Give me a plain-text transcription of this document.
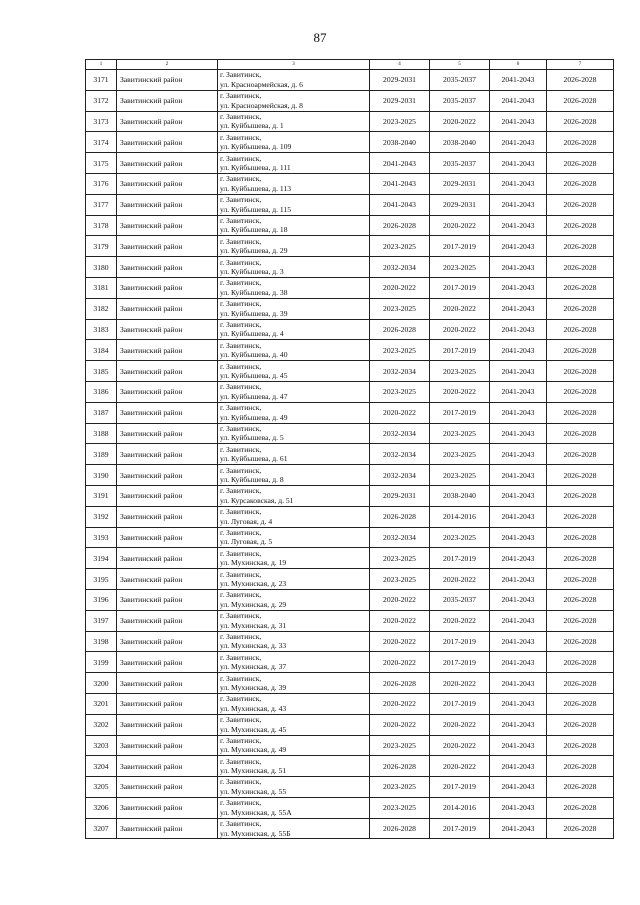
87
1	2	3	4	5	6	7
3171	Завитинский район	г. Завитинск,
ул. Красноармейская, д. 6	2029-2031	2035-2037	2041-2043	2026-2028
3172	Завитинский район	г. Завитинск,
ул. Красноармейская, д. 8	2029-2031	2035-2037	2041-2043	2026-2028
3173	Завитинский район	г. Завитинск,
ул. Куйбышева, д. 1	2023-2025	2020-2022	2041-2043	2026-2028
3174	Завитинский район	г. Завитинск,
ул. Куйбышева, д. 109	2038-2040	2038-2040	2041-2043	2026-2028
3175	Завитинский район	г. Завитинск,
ул. Куйбышева, д. 111	2041-2043	2035-2037	2041-2043	2026-2028
3176	Завитинский район	г. Завитинск,
ул. Куйбышева, д. 113	2041-2043	2029-2031	2041-2043	2026-2028
3177	Завитинский район	г. Завитинск,
ул. Куйбышева, д. 115	2041-2043	2029-2031	2041-2043	2026-2028
3178	Завитинский район	г. Завитинск,
ул. Куйбышева, д. 18	2026-2028	2020-2022	2041-2043	2026-2028
3179	Завитинский район	г. Завитинск,
ул. Куйбышева, д. 29	2023-2025	2017-2019	2041-2043	2026-2028
3180	Завитинский район	г. Завитинск,
ул. Куйбышева, д. 3	2032-2034	2023-2025	2041-2043	2026-2028
3181	Завитинский район	г. Завитинск,
ул. Куйбышева, д. 38	2020-2022	2017-2019	2041-2043	2026-2028
3182	Завитинский район	г. Завитинск,
ул. Куйбышева, д. 39	2023-2025	2020-2022	2041-2043	2026-2028
3183	Завитинский район	г. Завитинск,
ул. Куйбышева, д. 4	2026-2028	2020-2022	2041-2043	2026-2028
3184	Завитинский район	г. Завитинск,
ул. Куйбышева, д. 40	2023-2025	2017-2019	2041-2043	2026-2028
3185	Завитинский район	г. Завитинск,
ул. Куйбышева, д. 45	2032-2034	2023-2025	2041-2043	2026-2028
3186	Завитинский район	г. Завитинск,
ул. Куйбышева, д. 47	2023-2025	2020-2022	2041-2043	2026-2028
3187	Завитинский район	г. Завитинск,
ул. Куйбышева, д. 49	2020-2022	2017-2019	2041-2043	2026-2028
3188	Завитинский район	г. Завитинск,
ул. Куйбышева, д. 5	2032-2034	2023-2025	2041-2043	2026-2028
3189	Завитинский район	г. Завитинск,
ул. Куйбышева, д. 61	2032-2034	2023-2025	2041-2043	2026-2028
3190	Завитинский район	г. Завитинск,
ул. Куйбышева, д. 8	2032-2034	2023-2025	2041-2043	2026-2028
3191	Завитинский район	г. Завитинск,
ул. Курсаковская, д. 51	2029-2031	2038-2040	2041-2043	2026-2028
3192	Завитинский район	г. Завитинск,
ул. Луговая, д. 4	2026-2028	2014-2016	2041-2043	2026-2028
3193	Завитинский район	г. Завитинск,
ул. Луговая, д. 5	2032-2034	2023-2025	2041-2043	2026-2028
3194	Завитинский район	г. Завитинск,
ул. Мухинская, д. 19	2023-2025	2017-2019	2041-2043	2026-2028
3195	Завитинский район	г. Завитинск,
ул. Мухинская, д. 23	2023-2025	2020-2022	2041-2043	2026-2028
3196	Завитинский район	г. Завитинск,
ул. Мухинская, д. 29	2020-2022	2035-2037	2041-2043	2026-2028
3197	Завитинский район	г. Завитинск,
ул. Мухинская, д. 31	2020-2022	2020-2022	2041-2043	2026-2028
3198	Завитинский район	г. Завитинск,
ул. Мухинская, д. 33	2020-2022	2017-2019	2041-2043	2026-2028
3199	Завитинский район	г. Завитинск,
ул. Мухинская, д. 37	2020-2022	2017-2019	2041-2043	2026-2028
3200	Завитинский район	г. Завитинск,
ул. Мухинская, д. 39	2026-2028	2020-2022	2041-2043	2026-2028
3201	Завитинский район	г. Завитинск,
ул. Мухинская, д. 43	2020-2022	2017-2019	2041-2043	2026-2028
3202	Завитинский район	г. Завитинск,
ул. Мухинская, д. 45	2020-2022	2020-2022	2041-2043	2026-2028
3203	Завитинский район	г. Завитинск,
ул. Мухинская, д. 49	2023-2025	2020-2022	2041-2043	2026-2028
3204	Завитинский район	г. Завитинск,
ул. Мухинская, д. 51	2026-2028	2020-2022	2041-2043	2026-2028
3205	Завитинский район	г. Завитинск,
ул. Мухинская, д. 55	2023-2025	2017-2019	2041-2043	2026-2028
3206	Завитинский район	г. Завитинск,
ул. Мухинская, д. 55А	2023-2025	2014-2016	2041-2043	2026-2028
3207	Завитинский район	г. Завитинск,
ул. Мухинская, д. 55Б	2026-2028	2017-2019	2041-2043	2026-2028
